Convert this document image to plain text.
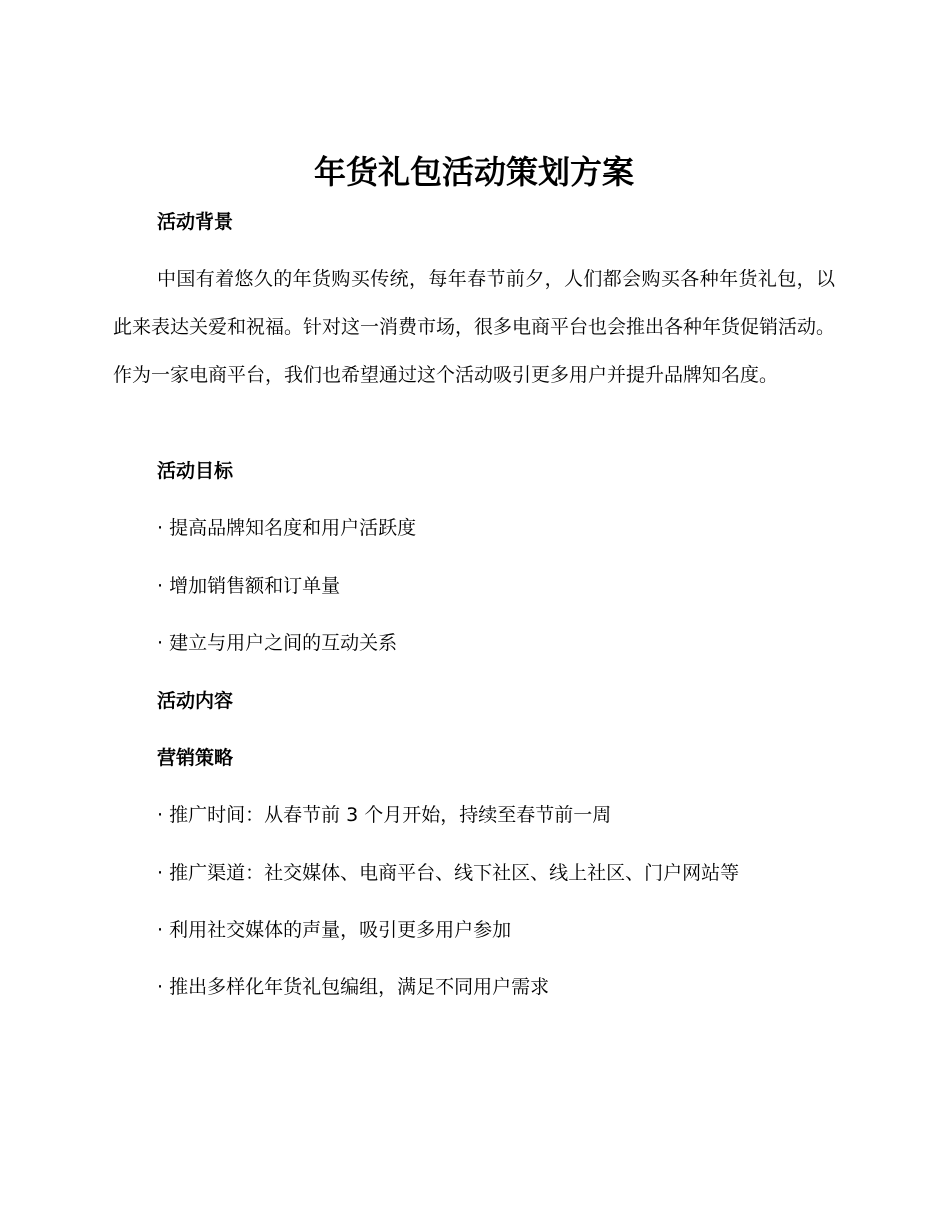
年货礼包活动策划方案
活动背景

中国有着悠久的年货购买传统，每年春节前夕，人们都会购买各种年货礼包，以此来表达关爱和祝福。针对这一消费市场，很多电商平台也会推出各种年货促销活动。作为一家电商平台，我们也希望通过这个活动吸引更多用户并提升品牌知名度。

活动目标

· 提高品牌知名度和用户活跃度

· 增加销售额和订单量

· 建立与用户之间的互动关系

活动内容
营销策略

· 推广时间：从春节前 3 个月开始，持续至春节前一周

· 推广渠道：社交媒体、电商平台、线下社区、线上社区、门户网站等

· 利用社交媒体的声量，吸引更多用户参加

· 推出多样化年货礼包编组，满足不同用户需求
